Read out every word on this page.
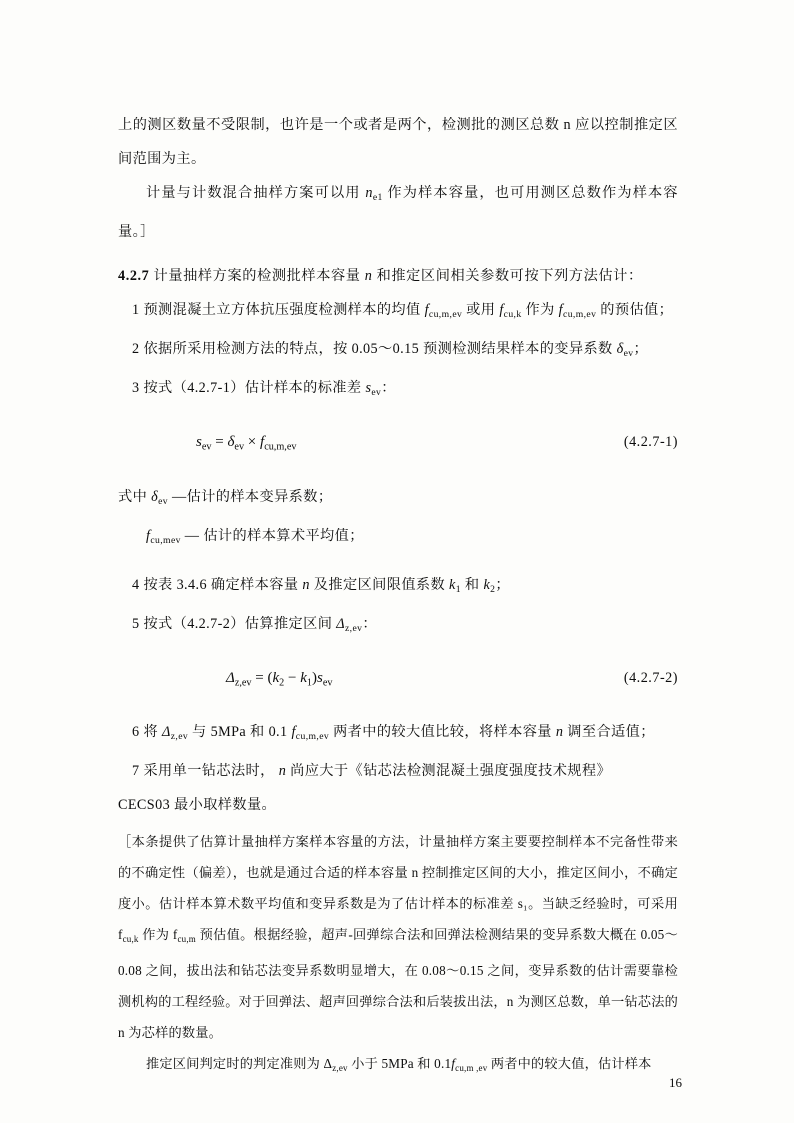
上的测区数量不受限制，也许是一个或者是两个，检测批的测区总数 n 应以控制推定区间范围为主。

计量与计数混合抽样方案可以用 $n_{e1}$ 作为样本容量，也可用测区总数作为样本容量。］

4.2.7 计量抽样方案的检测批样本容量 n 和推定区间相关参数可按下列方法估计：

1 预测混凝土立方体抗压强度检测样本的均值 $f_{cu,m,ev}$ 或用 $f_{cu,k}$ 作为 $f_{cu,m,ev}$ 的预估值；

2 依据所采用检测方法的特点，按 0.05～0.15 预测检测结果样本的变异系数 $\delta_{ev}$；

3 按式（4.2.7-1）估计样本的标准差 $s_{ev}$：

$s_{ev} = \delta_{ev} \times f_{cu,m,ev}$	(4.2.7-1)

式中 $\delta_{ev}$ —估计的样本变异系数；

$f_{cu,mev}$ — 估计的样本算术平均值；

4 按表 3.4.6 确定样本容量 n 及推定区间限值系数 $k_1$ 和 $k_2$；

5 按式（4.2.7-2）估算推定区间 $\Delta_{z,ev}$：

$\Delta_{z,ev} = (k_2 - k_1)s_{ev}$	(4.2.7-2)

6 将 $\Delta_{z,ev}$ 与 5MPa 和 0.1 $f_{cu,m,ev}$ 两者中的较大值比较，将样本容量 n 调至合适值；

7 采用单一钻芯法时， n 尚应大于《钻芯法检测混凝土强度强度技术规程》

CECS03 最小取样数量。

［本条提供了估算计量抽样方案样本容量的方法，计量抽样方案主要要控制样本不完备性带来的不确定性（偏差），也就是通过合适的样本容量 n 控制推定区间的大小，推定区间小，不确定度小。估计样本算术数平均值和变异系数是为了估计样本的标准差 s₁。当缺乏经验时，可采用 $f_{cu,k}$ 作为 $f_{cu,m}$ 预估值。根据经验，超声-回弹综合法和回弹法检测结果的变异系数大概在 0.05～0.08 之间，拔出法和钻芯法变异系数明显增大，在 0.08～0.15 之间，变异系数的估计需要靠检测机构的工程经验。对于回弹法、超声回弹综合法和后装拔出法，n 为测区总数，单一钻芯法的 n 为芯样的数量。

推定区间判定时的判定准则为 $\Delta_{z,ev}$ 小于 5MPa 和 $0.1f_{cu,m ,ev}$ 两者中的较大值，估计样本

16
